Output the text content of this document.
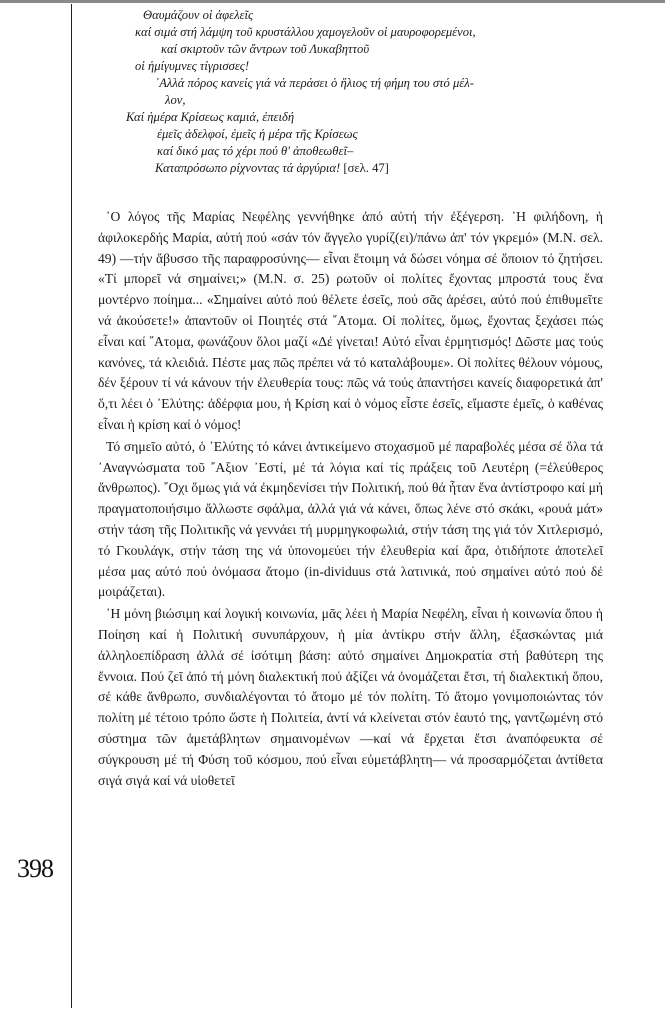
398
Θαυμάζουν οἱ ἀφελεῖς
καί σιμά στή λάμψη τοῦ κρυστάλλου χαμογελοῦν οἱ μαυροφορεμένοι,
καί σκιρτοῦν τῶν ἄντρων τοῦ Λυκαβηττοῦ
οἱ ἡμίγυμνες τίγρισσες!
᾿Αλλά πόρος κανείς γιά νά περάσει ὁ ἥλιος τή φήμη του στό μέλ-
λον,
Καί ἡμέρα Κρίσεως καμιά, ἐπειδή
ἐμεῖς ἀδελφοί, ἐμεῖς ἡ μέρα τῆς Κρίσεως
καί δικό μας τό χέρι πού θ' ἀποθεωθεῖ–
Καταπρόσωπο ρίχνοντας τά ἀργύρια! [σελ. 47]

῾Ο λόγος τῆς Μαρίας Νεφέλης γεννήθηκε ἀπό αὐτή τήν ἐξέγερση. ῾Η φιλήδονη, ἡ ἀφιλοκερδής Μαρία, αὐτή πού «σάν τόν ἄγγελο γυρίζ(ει)/πάνω ἀπ' τόν γκρεμό» (Μ.Ν. σελ. 49) —τήν ἄβυσσο τῆς παραφροσύνης— εἶναι ἕτοιμη νά δώσει νόημα σέ ὅποιον τό ζητήσει. «Τί μπορεῖ νά σημαίνει;» (Μ.Ν. σ. 25) ρωτοῦν οἱ πολίτες ἔχοντας μπροστά τους ἕνα μοντέρνο ποίημα... «Σημαίνει αὐτό πού θέλετε ἐσεῖς, πού σᾶς ἀρέσει, αὐτό πού ἐπιθυμεῖτε νά ἀκούσετε!» ἀπαντοῦν οἱ Ποιητές στά ῎Ατομα. Οἱ πολίτες, ὅμως, ἔχοντας ξεχάσει πώς εἶναι καί ῎Ατομα, φωνάζουν ὅλοι μαζί «Δέ γίνεται! Αὐτό εἶναι ἑρμητισμός! Δῶστε μας τούς κανόνες, τά κλειδιά. Πέστε μας πῶς πρέπει νά τό καταλάβουμε». Οἱ πολίτες θέλουν νόμους, δέν ξέρουν τί νά κάνουν τήν ἐλευθερία τους: πῶς νά τούς ἀπαντήσει κανείς διαφορετικά ἀπ' ὅ,τι λέει ὁ ᾿Ελύτης: ἀδέρφια μου, ἡ Κρίση καί ὁ νόμος εἶστε ἐσεῖς, εἴμαστε ἐμεῖς, ὁ καθένας εἶναι ἡ κρίση καί ὁ νόμος!

Τό σημεῖο αὐτό, ὁ ᾿Ελύτης τό κάνει ἀντικείμενο στοχασμοῦ μέ παραβολές μέσα σέ ὅλα τά ᾿Αναγνώσματα τοῦ ῎Αξιον ᾿Εστί, μέ τά λόγια καί τίς πράξεις τοῦ Λευτέρη (=ἐλεύθερος ἄνθρωπος). ῎Οχι ὅμως γιά νά ἐκμηδενίσει τήν Πολιτική, πού θά ἦταν ἕνα ἀντίστροφο καί μή πραγματοποιήσιμο ἄλλωστε σφάλμα, ἀλλά γιά νά κάνει, ὅπως λένε στό σκάκι, «ρουά μάτ» στήν τάση τῆς Πολιτικῆς νά γεννάει τή μυρμηγκοφωλιά, στήν τάση της γιά τόν Χιτλερισμό, τό Γκουλάγκ, στήν τάση της νά ὑπονομεύει τήν ἐλευθερία καί ἄρα, ὁτιδήποτε ἀποτελεῖ μέσα μας αὐτό πού ὀνόμασα ἄτομο (in-dividuus στά λατινικά, πού σημαίνει αὐτό πού δέ μοιράζεται).

῾Η μόνη βιώσιμη καί λογική κοινωνία, μᾶς λέει ἡ Μαρία Νεφέλη, εἶναι ἡ κοινωνία ὅπου ἡ Ποίηση καί ἡ Πολιτική συνυπάρχουν, ἡ μία ἀντίκρυ στήν ἄλλη, ἐξασκώντας μιά ἀλληλοεπίδραση ἀλλά σέ ἰσότιμη βάση: αὐτό σημαίνει Δημοκρατία στή βαθύτερη της ἔννοια. Πού ζεῖ ἀπό τή μόνη διαλεκτική πού ἀξίζει νά ὀνομάζεται ἔτσι, τή διαλεκτική ὅπου, σέ κάθε ἄνθρωπο, συνδιαλέγονται τό ἄτομο μέ τόν πολίτη. Τό ἄτομο γονιμοποιώντας τόν πολίτη μέ τέτοιο τρόπο ὥστε ἡ Πολιτεία, ἀντί νά κλείνεται στόν ἑαυτό της, γαντζωμένη στό σύστημα τῶν ἀμετάβλητων σημαινομένων —καί νά ἔρχεται ἔτσι ἀναπόφευκτα σέ σύγκρουση μέ τή Φύση τοῦ κόσμου, πού εἶναι εὐμετάβλητη— νά προσαρμόζεται ἀντίθετα σιγά σιγά καί νά υἱοθετεῖ
